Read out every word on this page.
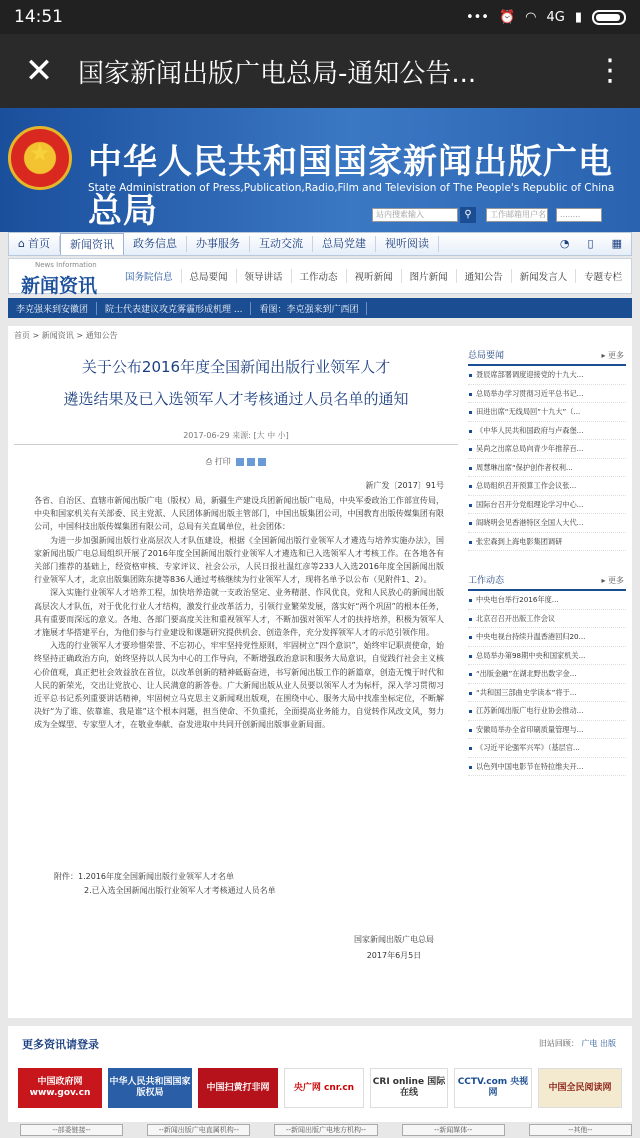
14:51	••• ⏰ ◠ 4G ▮
✕ 国家新闻出版广电总局-通知公告...	⋮
★
中华人民共和国国家新闻出版广电总局
State Administration of Press,Publication,Radio,Film and Television of The People's Republic of China
站内搜索输入	⚲	工作邮箱用户名	........
⌂ 首页	新闻资讯	政务信息	办事服务	互动交流	总局党建	视听阅读	◔	▯	▦
News Information
新闻资讯	国务院信息	总局要闻	领导讲话	工作动态	视听新闻	图片新闻	通知公告	新闻发言人	专题专栏
李克强来到安徽团	院士代表建议攻克雾霾形成机理 ...	看图：李克强来到广西团
首页 > 新闻资讯 > 通知公告
关于公布2016年度全国新闻出版行业领军人才
遴选结果及已入选领军人才考核通过人员名单的通知
2017-06-29 来源: [大 中 小]
⎙ 打印
新广发〔2017〕91号

各省、自治区、直辖市新闻出版广电（版权）局，新疆生产建设兵团新闻出版广电局，中央军委政治工作部宣传局，中央和国家机关有关部委、民主党派、人民团体新闻出版主管部门，中国出版集团公司，中国教育出版传媒集团有限公司，中国科技出版传媒集团有限公司，总局有关直属单位，社会团体：

为进一步加强新闻出版行业高层次人才队伍建设，根据《全国新闻出版行业领军人才遴选与培养实施办法》，国家新闻出版广电总局组织开展了2016年度全国新闻出版行业领军人才遴选和已入选领军人才考核工作。在各地各有关部门推荐的基础上，经资格审核、专家评议、社会公示，人民日报社温红彦等233人入选2016年度全国新闻出版行业领军人才，北京出版集团陈东捷等836人通过考核继续为行业领军人才，现将名单予以公布（见附件1、2）。

深入实施行业领军人才培养工程，加快培养造就一支政治坚定、业务精湛、作风优良，党和人民放心的新闻出版高层次人才队伍，对于优化行业人才结构，激发行业改革活力，引领行业繁荣发展，落实好“两个巩固”的根本任务，具有重要而深远的意义。各地、各部门要高度关注和重视领军人才，不断加强对领军人才的扶持培养，积极为领军人才施展才华搭建平台，为他们参与行业建设和课题研究提供机会、创造条件，充分发挥领军人才的示范引领作用。

入选的行业领军人才要珍惜荣誉、不忘初心，牢牢坚持党性原则，牢固树立“四个意识”，始终牢记职责使命，始终坚持正确政治方向，始终坚持以人民为中心的工作导向，不断增强政治意识和服务大局意识，自觉践行社会主义核心价值观，真正把社会效益放在首位，以改革创新的精神砥砺奋进，书写新闻出版工作的新篇章，创造无愧于时代和人民的新荣光，交出让党放心、让人民满意的新答卷。广大新闻出版从业人员要以领军人才为标杆，深入学习贯彻习近平总书记系列重要讲话精神，牢固树立马克思主义新闻观出版观，在围绕中心、服务大局中找准坐标定位，不断解决好“为了谁、依靠谁、我是谁”这个根本问题，担当使命、不负重托，全面提高业务能力，自觉转作风改文风，努力成为全媒型、专家型人才，在敬业奉献、奋发进取中共同开创新闻出版事业新局面。

附件：1.2016年度全国新闻出版行业领军人才名单
2.已入选全国新闻出版行业领军人才考核通过人员名单
国家新闻出版广电总局
2017年6月5日
总局要闻	▸ 更多
聂辰席部署调度迎接党的十九大...
总局举办学习贯彻习近平总书记...
田进出席“无线局回”十九大”（...
《中华人民共和国政府与卢森堡...
吴尚之出席总局向青少年推荐百...
周慧琳出席“保护创作者权利...
总局组织召开预算工作会议张...
国际台召开分党组理论学习中心...
阎晓明会见香港特区全国人大代...
张宏森到上海电影集团调研
工作动态	▸ 更多
中央电台举行2016年度...
北京召召开出版工作会议
中央电视台持续升温香港回归20...
总局举办第98期中央和国家机关...
“出版金融”在湖北野出数字金...
“共和国三部曲史学读本”将于...
江苏新闻出版广电行业协会推动...
安徽局举办全省印刷质量管理与...
《习近平论强军兴军》（基层官...
以色列中国电影节在特拉维夫开...
更多资讯请登录	旧站回顾： 广电 出版
中国政府网 www.gov.cn
中华人民共和国国家版权局
中国扫黄打非网	央广网 cnr.cn
CRI online 国际在线
CCTV.com 央视网
中国全民阅读网
--部委链接--	--新闻出版广电直属机构--	--新闻出版广电地方机构--	--新闻媒体--	--其他--
